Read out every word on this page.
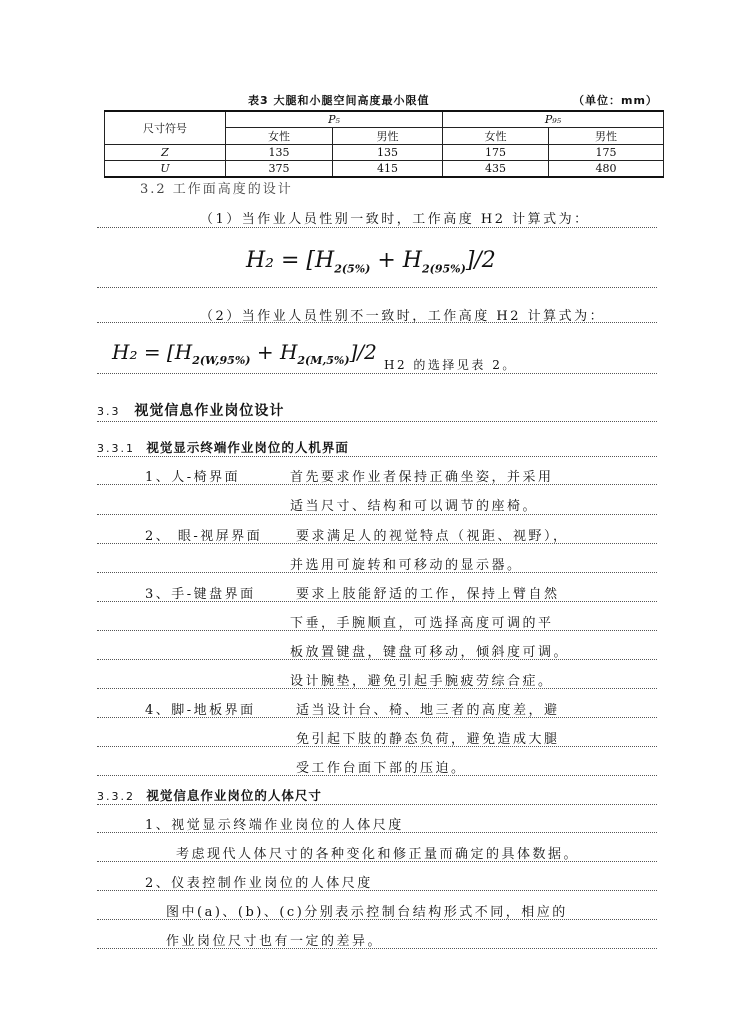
表3 大腿和小腿空间高度最小限值	（单位：mm）
尺寸符号	P₅		P₉₅	
	女性	男性	女性	男性
Z	135	135	175	175
U	375	415	435	480
3.2 工作面高度的设计
（1）当作业人员性别一致时，工作高度 H2 计算式为：
$H_2 = [H_{2(5\%)} + H_{2(95\%)}]/2$
（2）当作业人员性别不一致时，工作高度 H2 计算式为：
$H_2 = [H_{2(W,95\%)} + H_{2(M,5\%)}]/2$
H2 的选择见表 2。
3.3 视觉信息作业岗位设计
3.3.1 视觉显示终端作业岗位的人机界面
1、人-椅界面	首先要求作业者保持正确坐姿，并采用
适当尺寸、结构和可以调节的座椅。
2、 眼-视屏界面	要求满足人的视觉特点（视距、视野），
并选用可旋转和可移动的显示器。
3、手-键盘界面	要求上肢能舒适的工作，保持上臂自然
下垂，手腕顺直，可选择高度可调的平
板放置键盘，键盘可移动，倾斜度可调。
设计腕垫，避免引起手腕疲劳综合症。
4、脚-地板界面	适当设计台、椅、地三者的高度差，避
免引起下肢的静态负荷，避免造成大腿
受工作台面下部的压迫。
3.3.2 视觉信息作业岗位的人体尺寸
1、视觉显示终端作业岗位的人体尺度
考虑现代人体尺寸的各种变化和修正量而确定的具体数据。
2、仪表控制作业岗位的人体尺度
图中(a)、(b)、(c)分别表示控制台结构形式不同，相应的
作业岗位尺寸也有一定的差异。
